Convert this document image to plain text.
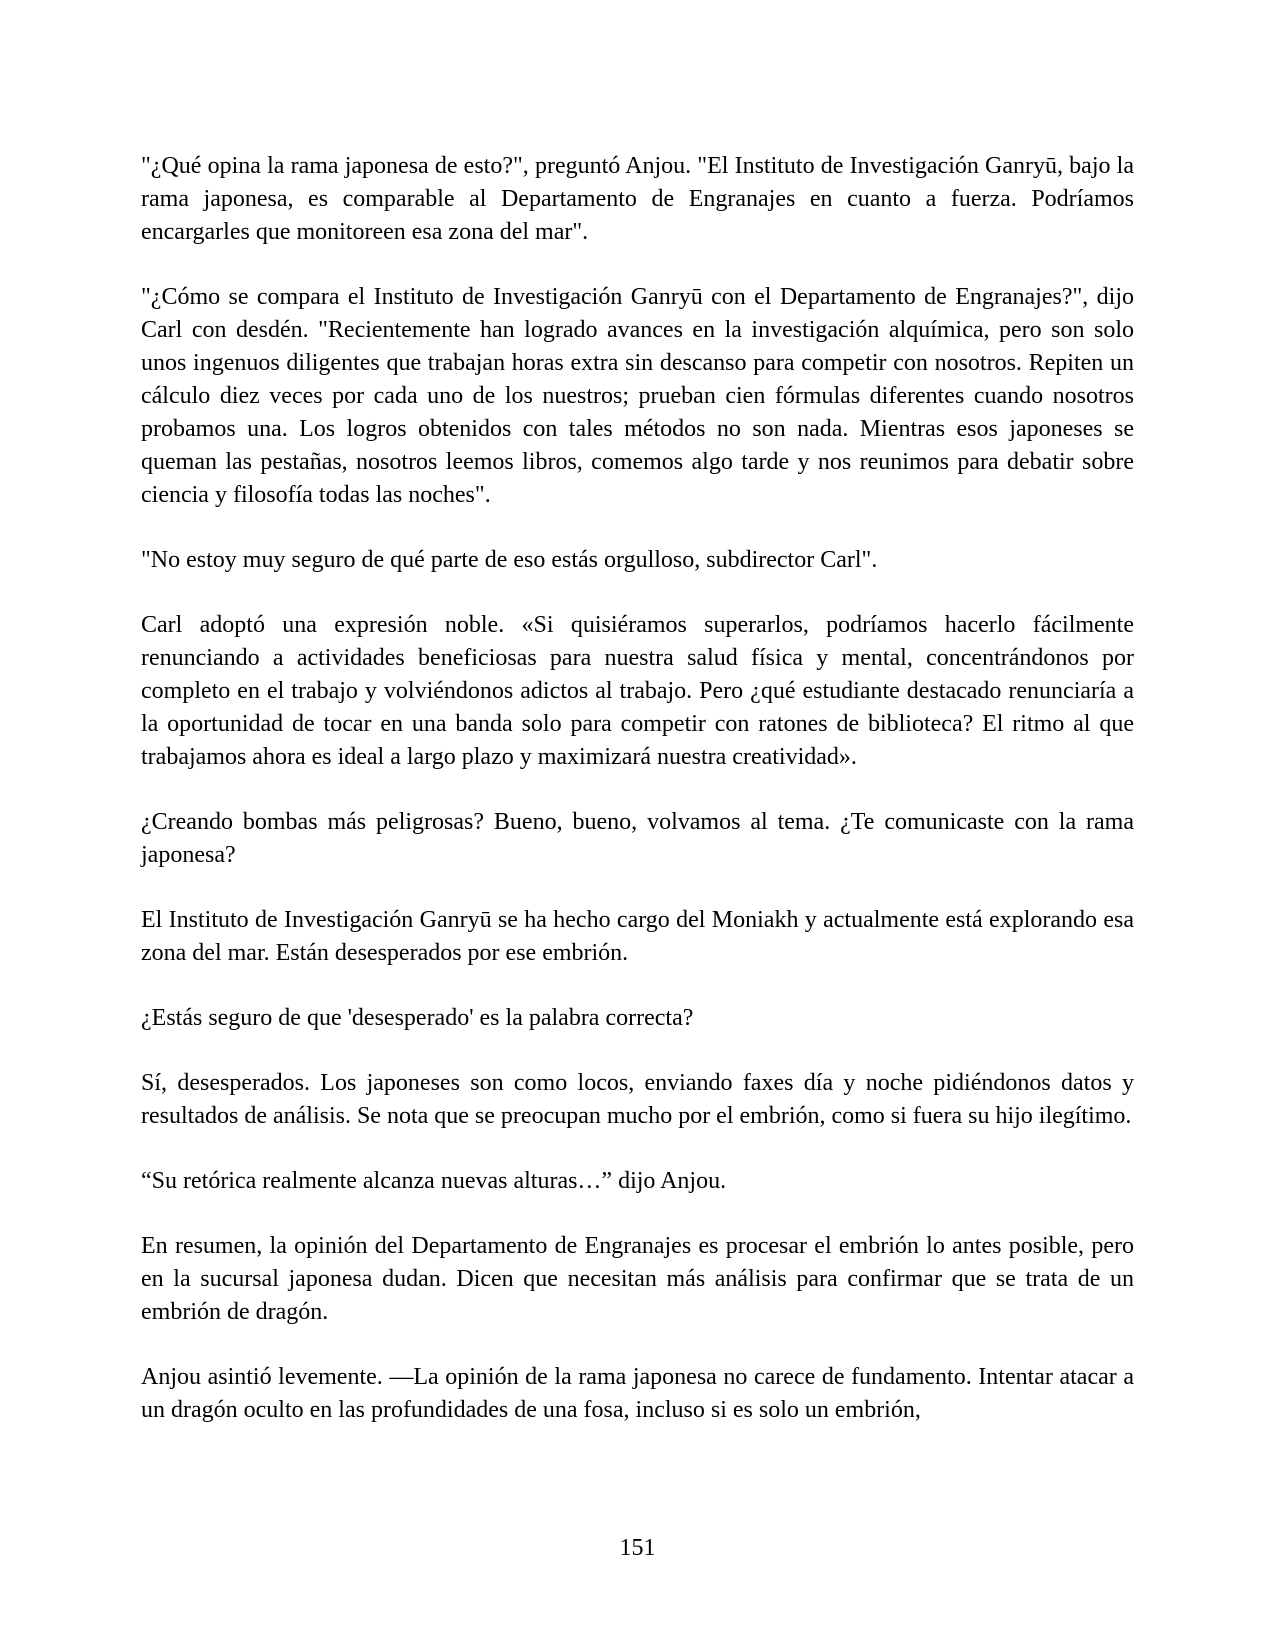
"¿Qué opina la rama japonesa de esto?", preguntó Anjou. "El Instituto de Investigación Ganryū, bajo la rama japonesa, es comparable al Departamento de Engranajes en cuanto a fuerza. Podríamos encargarles que monitoreen esa zona del mar".

"¿Cómo se compara el Instituto de Investigación Ganryū con el Departamento de Engranajes?", dijo Carl con desdén. "Recientemente han logrado avances en la investigación alquímica, pero son solo unos ingenuos diligentes que trabajan horas extra sin descanso para competir con nosotros. Repiten un cálculo diez veces por cada uno de los nuestros; prueban cien fórmulas diferentes cuando nosotros probamos una. Los logros obtenidos con tales métodos no son nada. Mientras esos japoneses se queman las pestañas, nosotros leemos libros, comemos algo tarde y nos reunimos para debatir sobre ciencia y filosofía todas las noches".

"No estoy muy seguro de qué parte de eso estás orgulloso, subdirector Carl".

Carl adoptó una expresión noble. «Si quisiéramos superarlos, podríamos hacerlo fácilmente renunciando a actividades beneficiosas para nuestra salud física y mental, concentrándonos por completo en el trabajo y volviéndonos adictos al trabajo. Pero ¿qué estudiante destacado renunciaría a la oportunidad de tocar en una banda solo para competir con ratones de biblioteca? El ritmo al que trabajamos ahora es ideal a largo plazo y maximizará nuestra creatividad».

¿Creando bombas más peligrosas? Bueno, bueno, volvamos al tema. ¿Te comunicaste con la rama japonesa?

El Instituto de Investigación Ganryū se ha hecho cargo del Moniakh y actualmente está explorando esa zona del mar. Están desesperados por ese embrión.

¿Estás seguro de que 'desesperado' es la palabra correcta?

Sí, desesperados. Los japoneses son como locos, enviando faxes día y noche pidiéndonos datos y resultados de análisis. Se nota que se preocupan mucho por el embrión, como si fuera su hijo ilegítimo.

“Su retórica realmente alcanza nuevas alturas…” dijo Anjou.

En resumen, la opinión del Departamento de Engranajes es procesar el embrión lo antes posible, pero en la sucursal japonesa dudan. Dicen que necesitan más análisis para confirmar que se trata de un embrión de dragón.

Anjou asintió levemente. —La opinión de la rama japonesa no carece de fundamento. Intentar atacar a un dragón oculto en las profundidades de una fosa, incluso si es solo un embrión,

151
